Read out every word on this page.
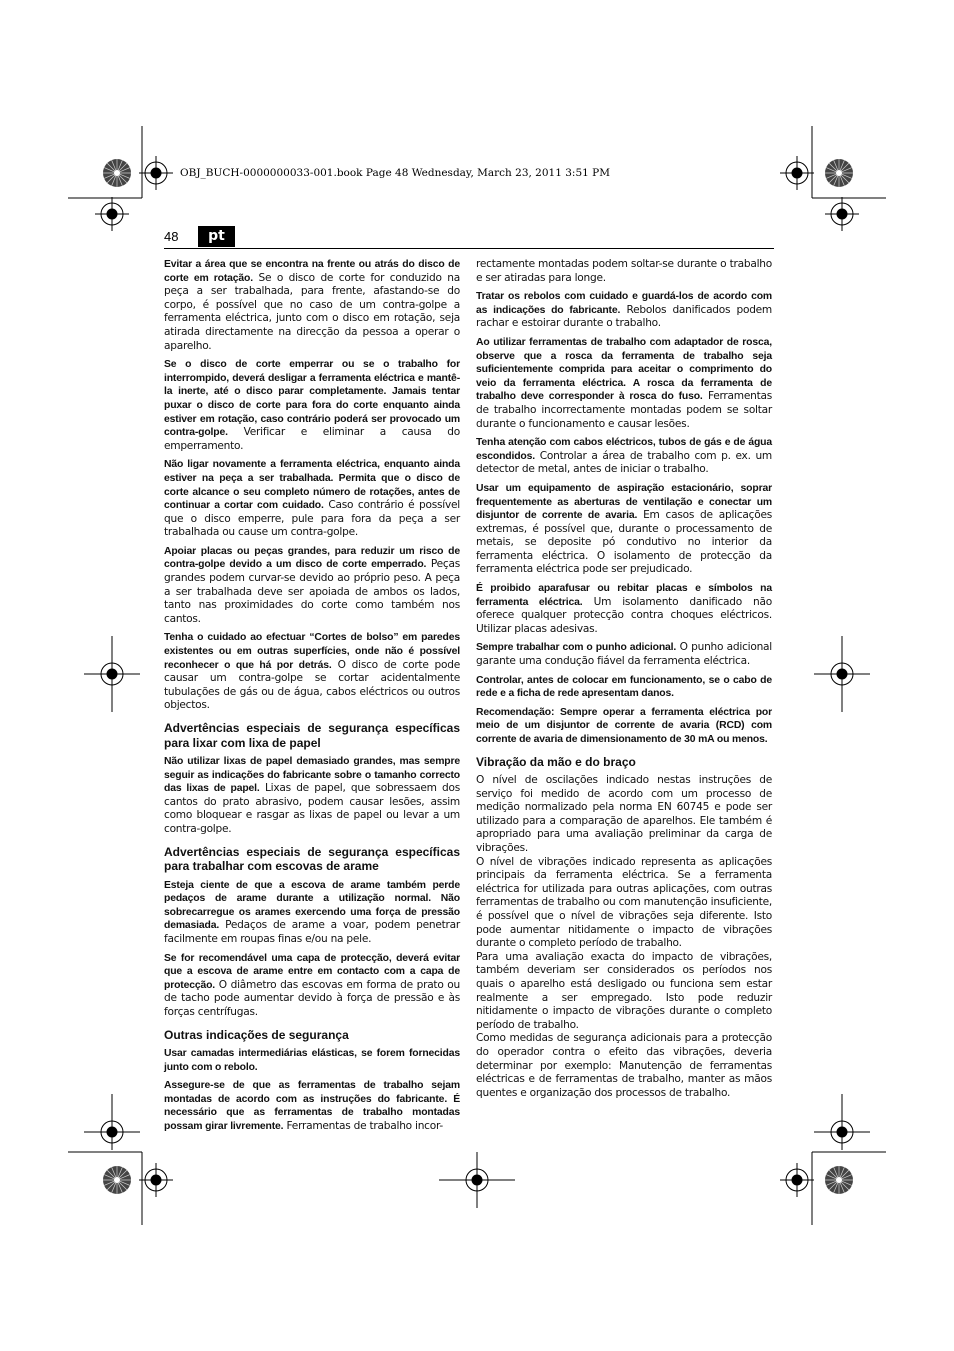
OBJ_BUCH-0000000033-001.book Page 48 Wednesday, March 23, 2011 3:51 PM
48	pt

Evitar a área que se encontra na frente ou atrás do disco de corte em rotação. Se o disco de corte for conduzido na peça a ser trabalhada, para frente, afastando-se do corpo, é possível que no caso de um contra-golpe a ferramenta eléctrica, junto com o disco em rotação, seja atirada directamente na direcção da pessoa a operar o aparelho.

Se o disco de corte emperrar ou se o trabalho for interrompido, deverá desligar a ferramenta eléctrica e mantê-la inerte, até o disco parar completamente. Jamais tentar puxar o disco de corte para fora do corte enquanto ainda estiver em rotação, caso contrário poderá ser provocado um contra-golpe. Verificar e eliminar a causa do emperramento.

Não ligar novamente a ferramenta eléctrica, enquanto ainda estiver na peça a ser trabalhada. Permita que o disco de corte alcance o seu completo número de rotações, antes de continuar a cortar com cuidado. Caso contrário é possível que o disco emperre, pule para fora da peça a ser trabalhada ou cause um contra-golpe.

Apoiar placas ou peças grandes, para reduzir um risco de contra-golpe devido a um disco de corte emperrado. Peças grandes podem curvar-se devido ao próprio peso. A peça a ser trabalhada deve ser apoiada de ambos os lados, tanto nas proximidades do corte como também nos cantos.

Tenha o cuidado ao efectuar “Cortes de bolso” em paredes existentes ou em outras superfícies, onde não é possível reconhecer o que há por detrás. O disco de corte pode causar um contra-golpe se cortar acidentalmente tubulações de gás ou de água, cabos eléctricos ou outros objectos.

Advertências especiais de segurança específicas para lixar com lixa de papel

Não utilizar lixas de papel demasiado grandes, mas sempre seguir as indicações do fabricante sobre o tamanho correcto das lixas de papel. Lixas de papel, que sobressaem dos cantos do prato abrasivo, podem causar lesões, assim como bloquear e rasgar as lixas de papel ou levar a um contra-golpe.

Advertências especiais de segurança específicas para trabalhar com escovas de arame

Esteja ciente de que a escova de arame também perde pedaços de arame durante a utilização normal. Não sobrecarregue os arames exercendo uma força de pressão demasiada. Pedaços de arame a voar, podem penetrar facilmente em roupas finas e/ou na pele.

Se for recomendável uma capa de protecção, deverá evitar que a escova de arame entre em contacto com a capa de protecção. O diâmetro das escovas em forma de prato ou de tacho pode aumentar devido à força de pressão e às forças centrífugas.

Outras indicações de segurança

Usar camadas intermediárias elásticas, se forem fornecidas junto com o rebolo.

Assegure-se de que as ferramentas de trabalho sejam montadas de acordo com as instruções do fabricante. É necessário que as ferramentas de trabalho montadas possam girar livremente. Ferramentas de trabalho incor-

rectamente montadas podem soltar-se durante o trabalho e ser atiradas para longe.

Tratar os rebolos com cuidado e guardá-los de acordo com as indicações do fabricante. Rebolos danificados podem rachar e estoirar durante o trabalho.

Ao utilizar ferramentas de trabalho com adaptador de rosca, observe que a rosca da ferramenta de trabalho seja suficientemente comprida para aceitar o comprimento do veio da ferramenta eléctrica. A rosca da ferramenta de trabalho deve corresponder à rosca do fuso. Ferramentas de trabalho incorrectamente montadas podem se soltar durante o funcionamento e causar lesões.

Tenha atenção com cabos eléctricos, tubos de gás e de água escondidos. Controlar a área de trabalho com p. ex. um detector de metal, antes de iniciar o trabalho.

Usar um equipamento de aspiração estacionário, soprar frequentemente as aberturas de ventilação e conectar um disjuntor de corrente de avaria. Em casos de aplicações extremas, é possível que, durante o processamento de metais, se deposite pó condutivo no interior da ferramenta eléctrica. O isolamento de protecção da ferramenta eléctrica pode ser prejudicado.

É proibido aparafusar ou rebitar placas e símbolos na ferramenta eléctrica. Um isolamento danificado não oferece qualquer protecção contra choques eléctricos. Utilizar placas adesivas.

Sempre trabalhar com o punho adicional. O punho adicional garante uma condução fiável da ferramenta eléctrica.

Controlar, antes de colocar em funcionamento, se o cabo de rede e a ficha de rede apresentam danos.

Recomendação: Sempre operar a ferramenta eléctrica por meio de um disjuntor de corrente de avaria (RCD) com corrente de avaria de dimensionamento de 30 mA ou menos.

Vibração da mão e do braço

O nível de oscilações indicado nestas instruções de serviço foi medido de acordo com um processo de medição normalizado pela norma EN 60745 e pode ser utilizado para a comparação de aparelhos. Ele também é apropriado para uma avaliação preliminar da carga de vibrações.

O nível de vibrações indicado representa as aplicações principais da ferramenta eléctrica. Se a ferramenta eléctrica for utilizada para outras aplicações, com outras ferramentas de trabalho ou com manutenção insuficiente, é possível que o nível de vibrações seja diferente. Isto pode aumentar nitidamente o impacto de vibrações durante o completo período de trabalho.

Para uma avaliação exacta do impacto de vibrações, também deveriam ser considerados os períodos nos quais o aparelho está desligado ou funciona sem estar realmente a ser empregado. Isto pode reduzir nitidamente o impacto de vibrações durante o completo período de trabalho.

Como medidas de segurança adicionais para a protecção do operador contra o efeito das vibrações, deveria determinar por exemplo: Manutenção de ferramentas eléctricas e de ferramentas de trabalho, manter as mãos quentes e organização dos processos de trabalho.
